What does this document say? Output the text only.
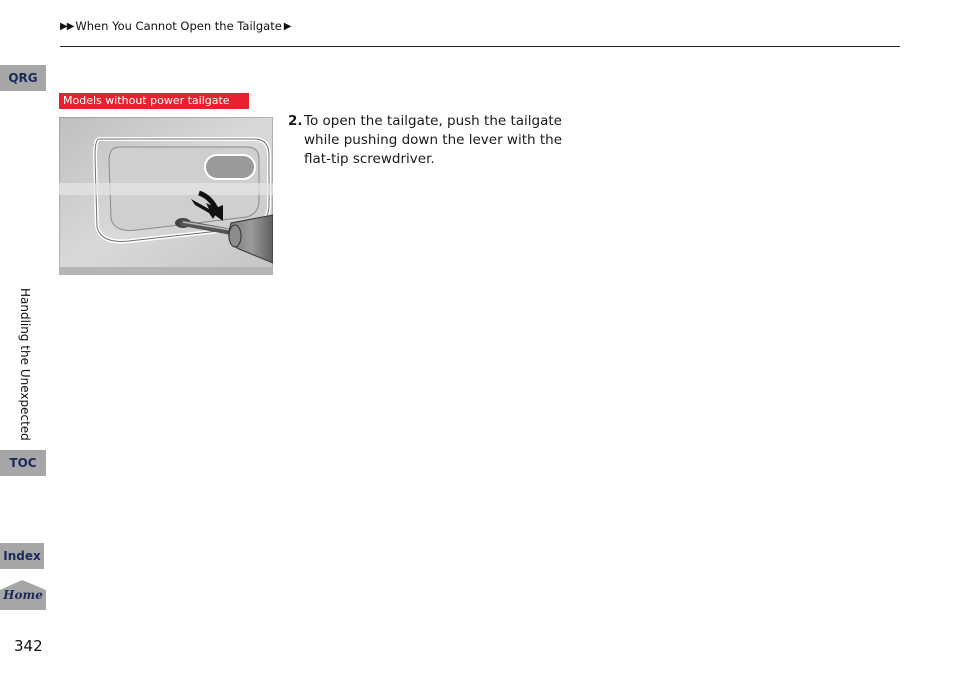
▶▶ When You Cannot Open the Tailgate ▶
QRG
Handling the Unexpected
TOC
Index
Home
342
Models without power tailgate
2. To open the tailgate, push the tailgate while pushing down the lever with the flat-tip screwdriver.
